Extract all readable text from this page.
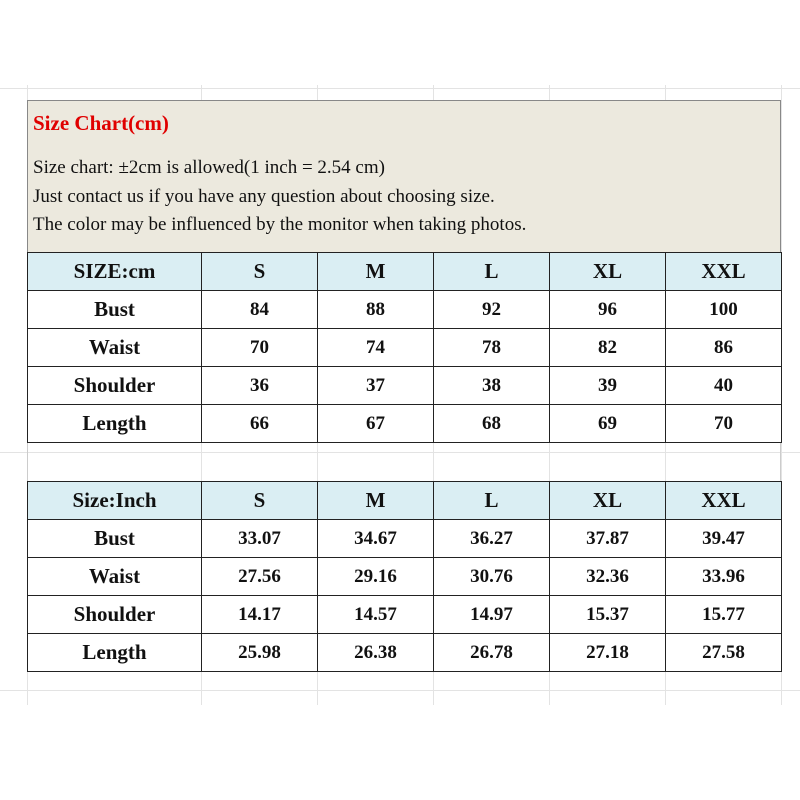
Size Chart(cm)
Size chart: ±2cm is allowed(1 inch = 2.54 cm)
Just contact us if you have any question about choosing size.
The color may be influenced by the monitor when taking photos.
SIZE:cm	S	M	L	XL	XXL
Bust	84	88	92	96	100
Waist	70	74	78	82	86
Shoulder	36	37	38	39	40
Length	66	67	68	69	70
Size:Inch	S	M	L	XL	XXL
Bust	33.07	34.67	36.27	37.87	39.47
Waist	27.56	29.16	30.76	32.36	33.96
Shoulder	14.17	14.57	14.97	15.37	15.77
Length	25.98	26.38	26.78	27.18	27.58
